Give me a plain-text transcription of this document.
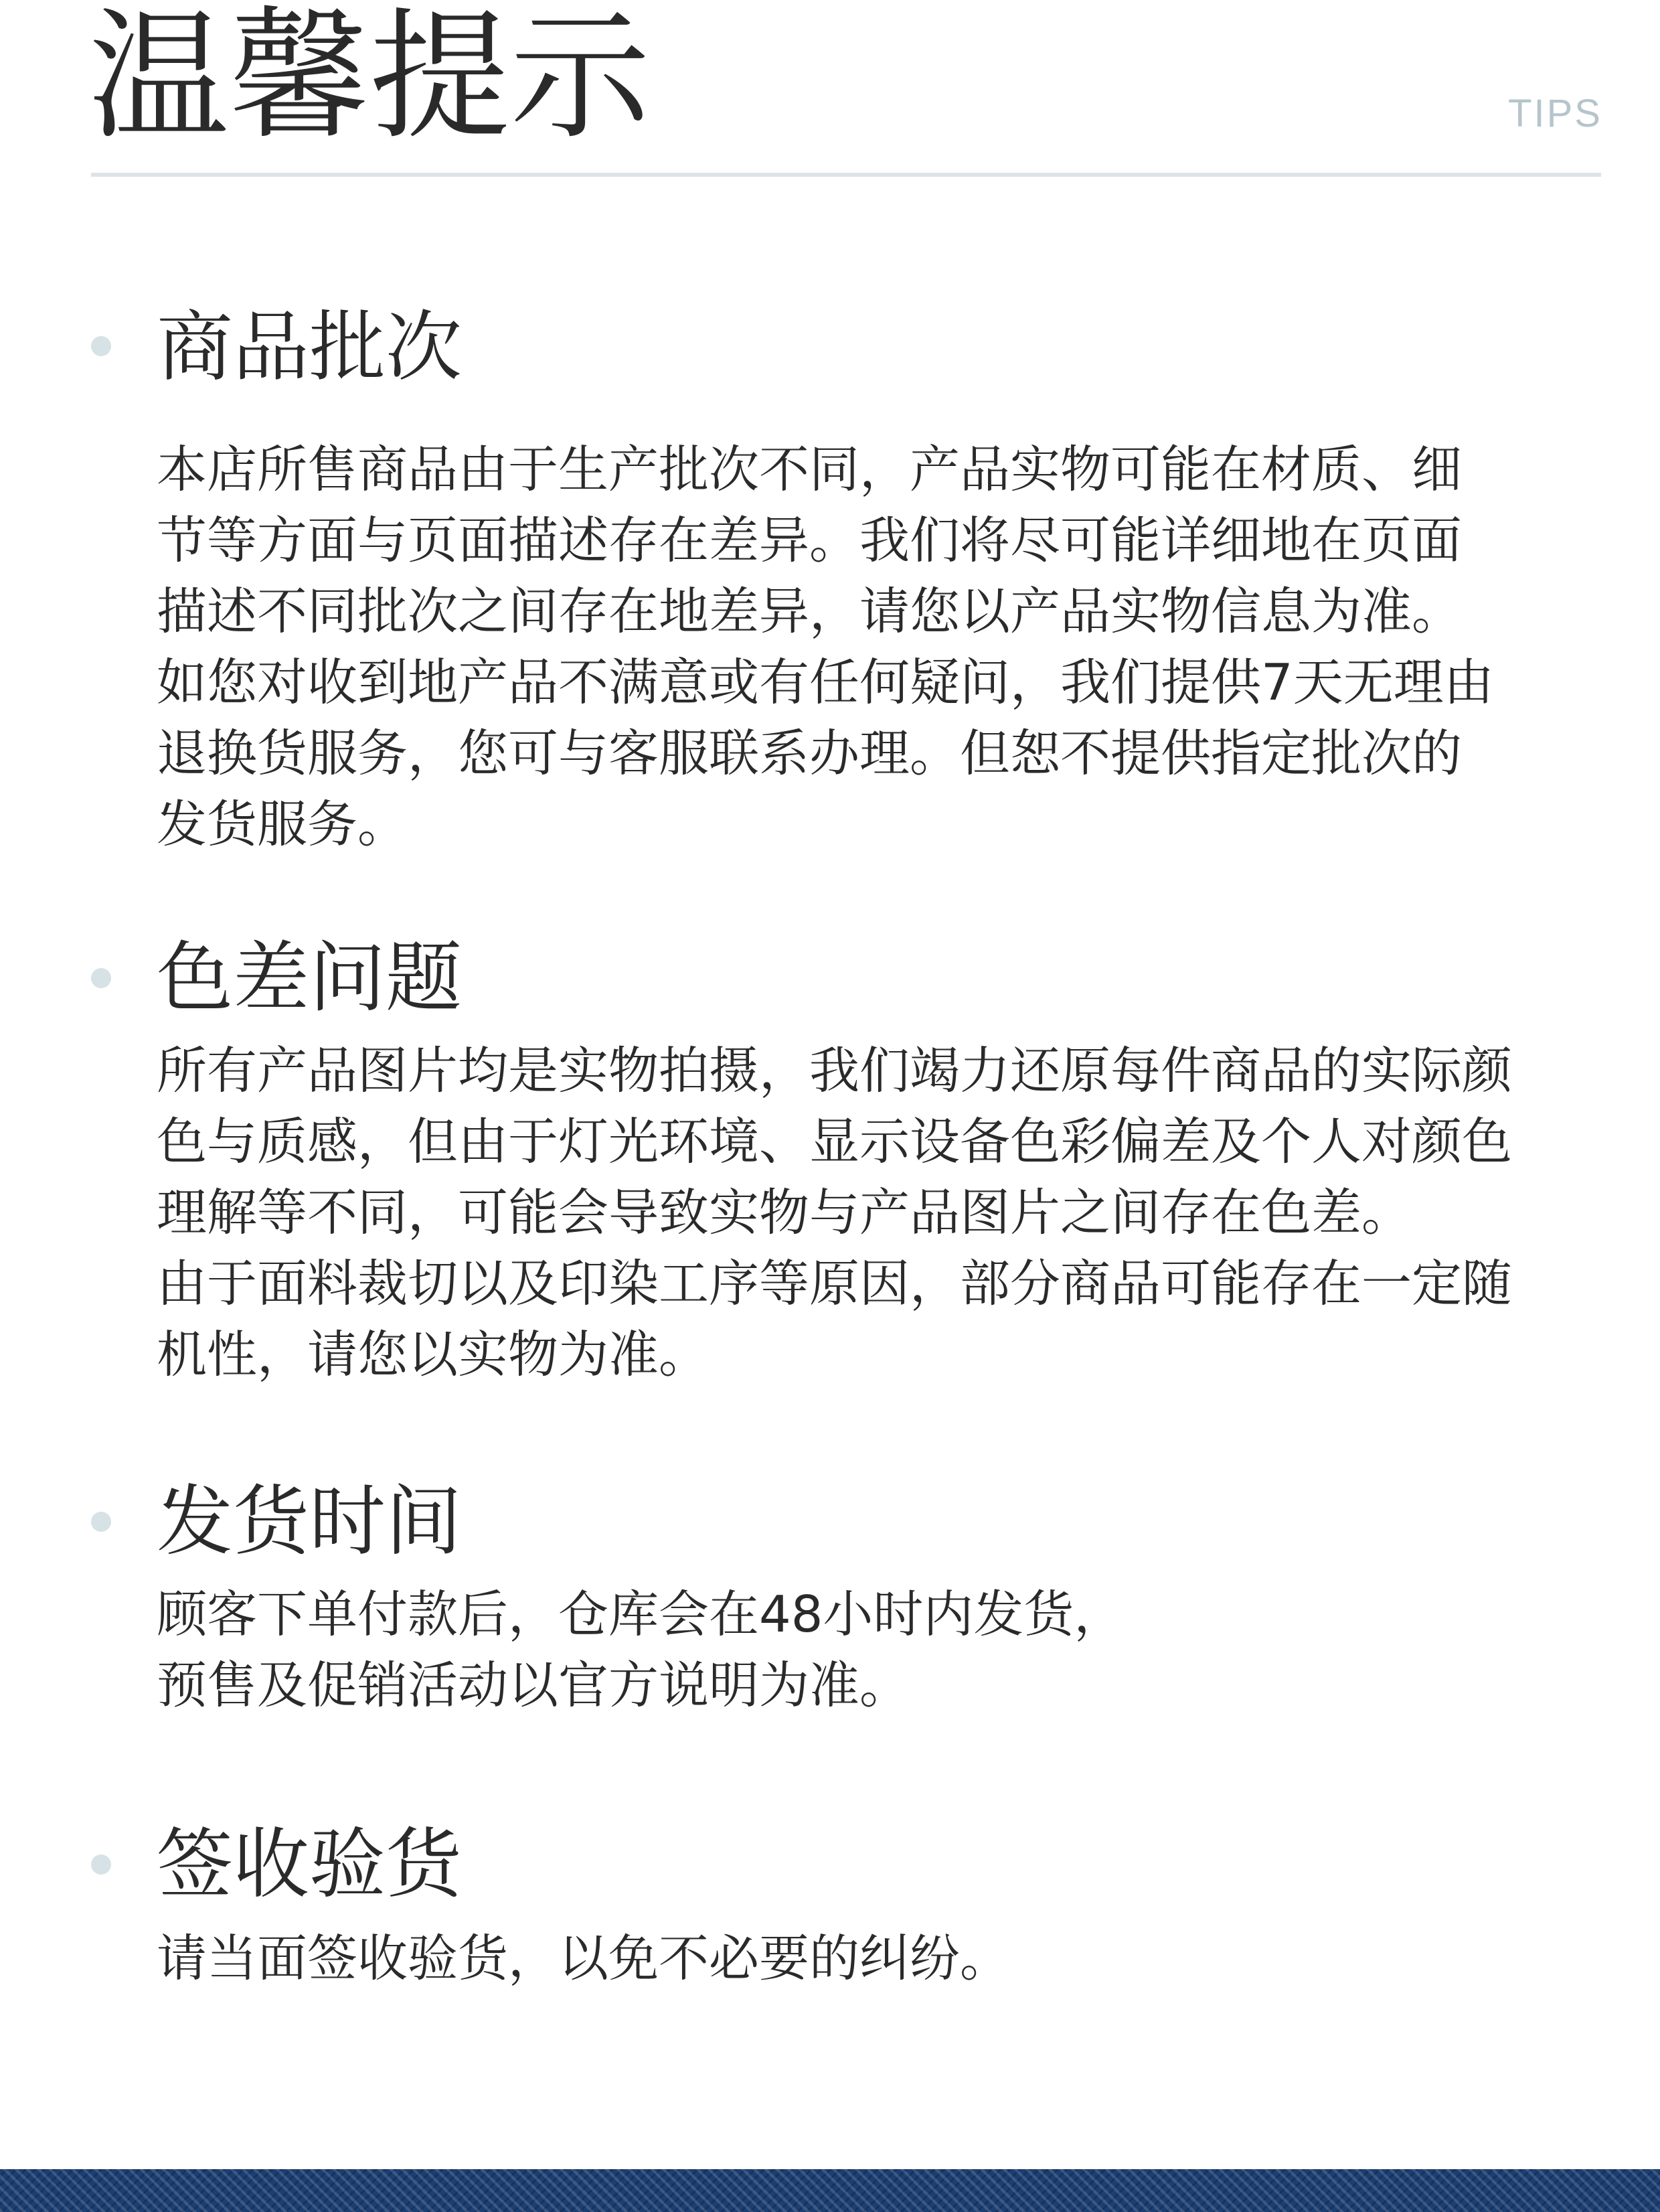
温馨提示	TIPS
商品批次
本店所售商品由于生产批次不同，产品实物可能在材质、细
节等方面与页面描述存在差异。我们将尽可能详细地在页面
描述不同批次之间存在地差异，请您以产品实物信息为准。
如您对收到地产品不满意或有任何疑问，我们提供7天无理由
退换货服务，您可与客服联系办理。但恕不提供指定批次的
发货服务。
色差问题
所有产品图片均是实物拍摄，我们竭力还原每件商品的实际颜
色与质感，但由于灯光环境、显示设备色彩偏差及个人对颜色
理解等不同，可能会导致实物与产品图片之间存在色差。
由于面料裁切以及印染工序等原因，部分商品可能存在一定随
机性，请您以实物为准。
发货时间
顾客下单付款后，仓库会在48小时内发货，
预售及促销活动以官方说明为准。
签收验货
请当面签收验货，以免不必要的纠纷。
